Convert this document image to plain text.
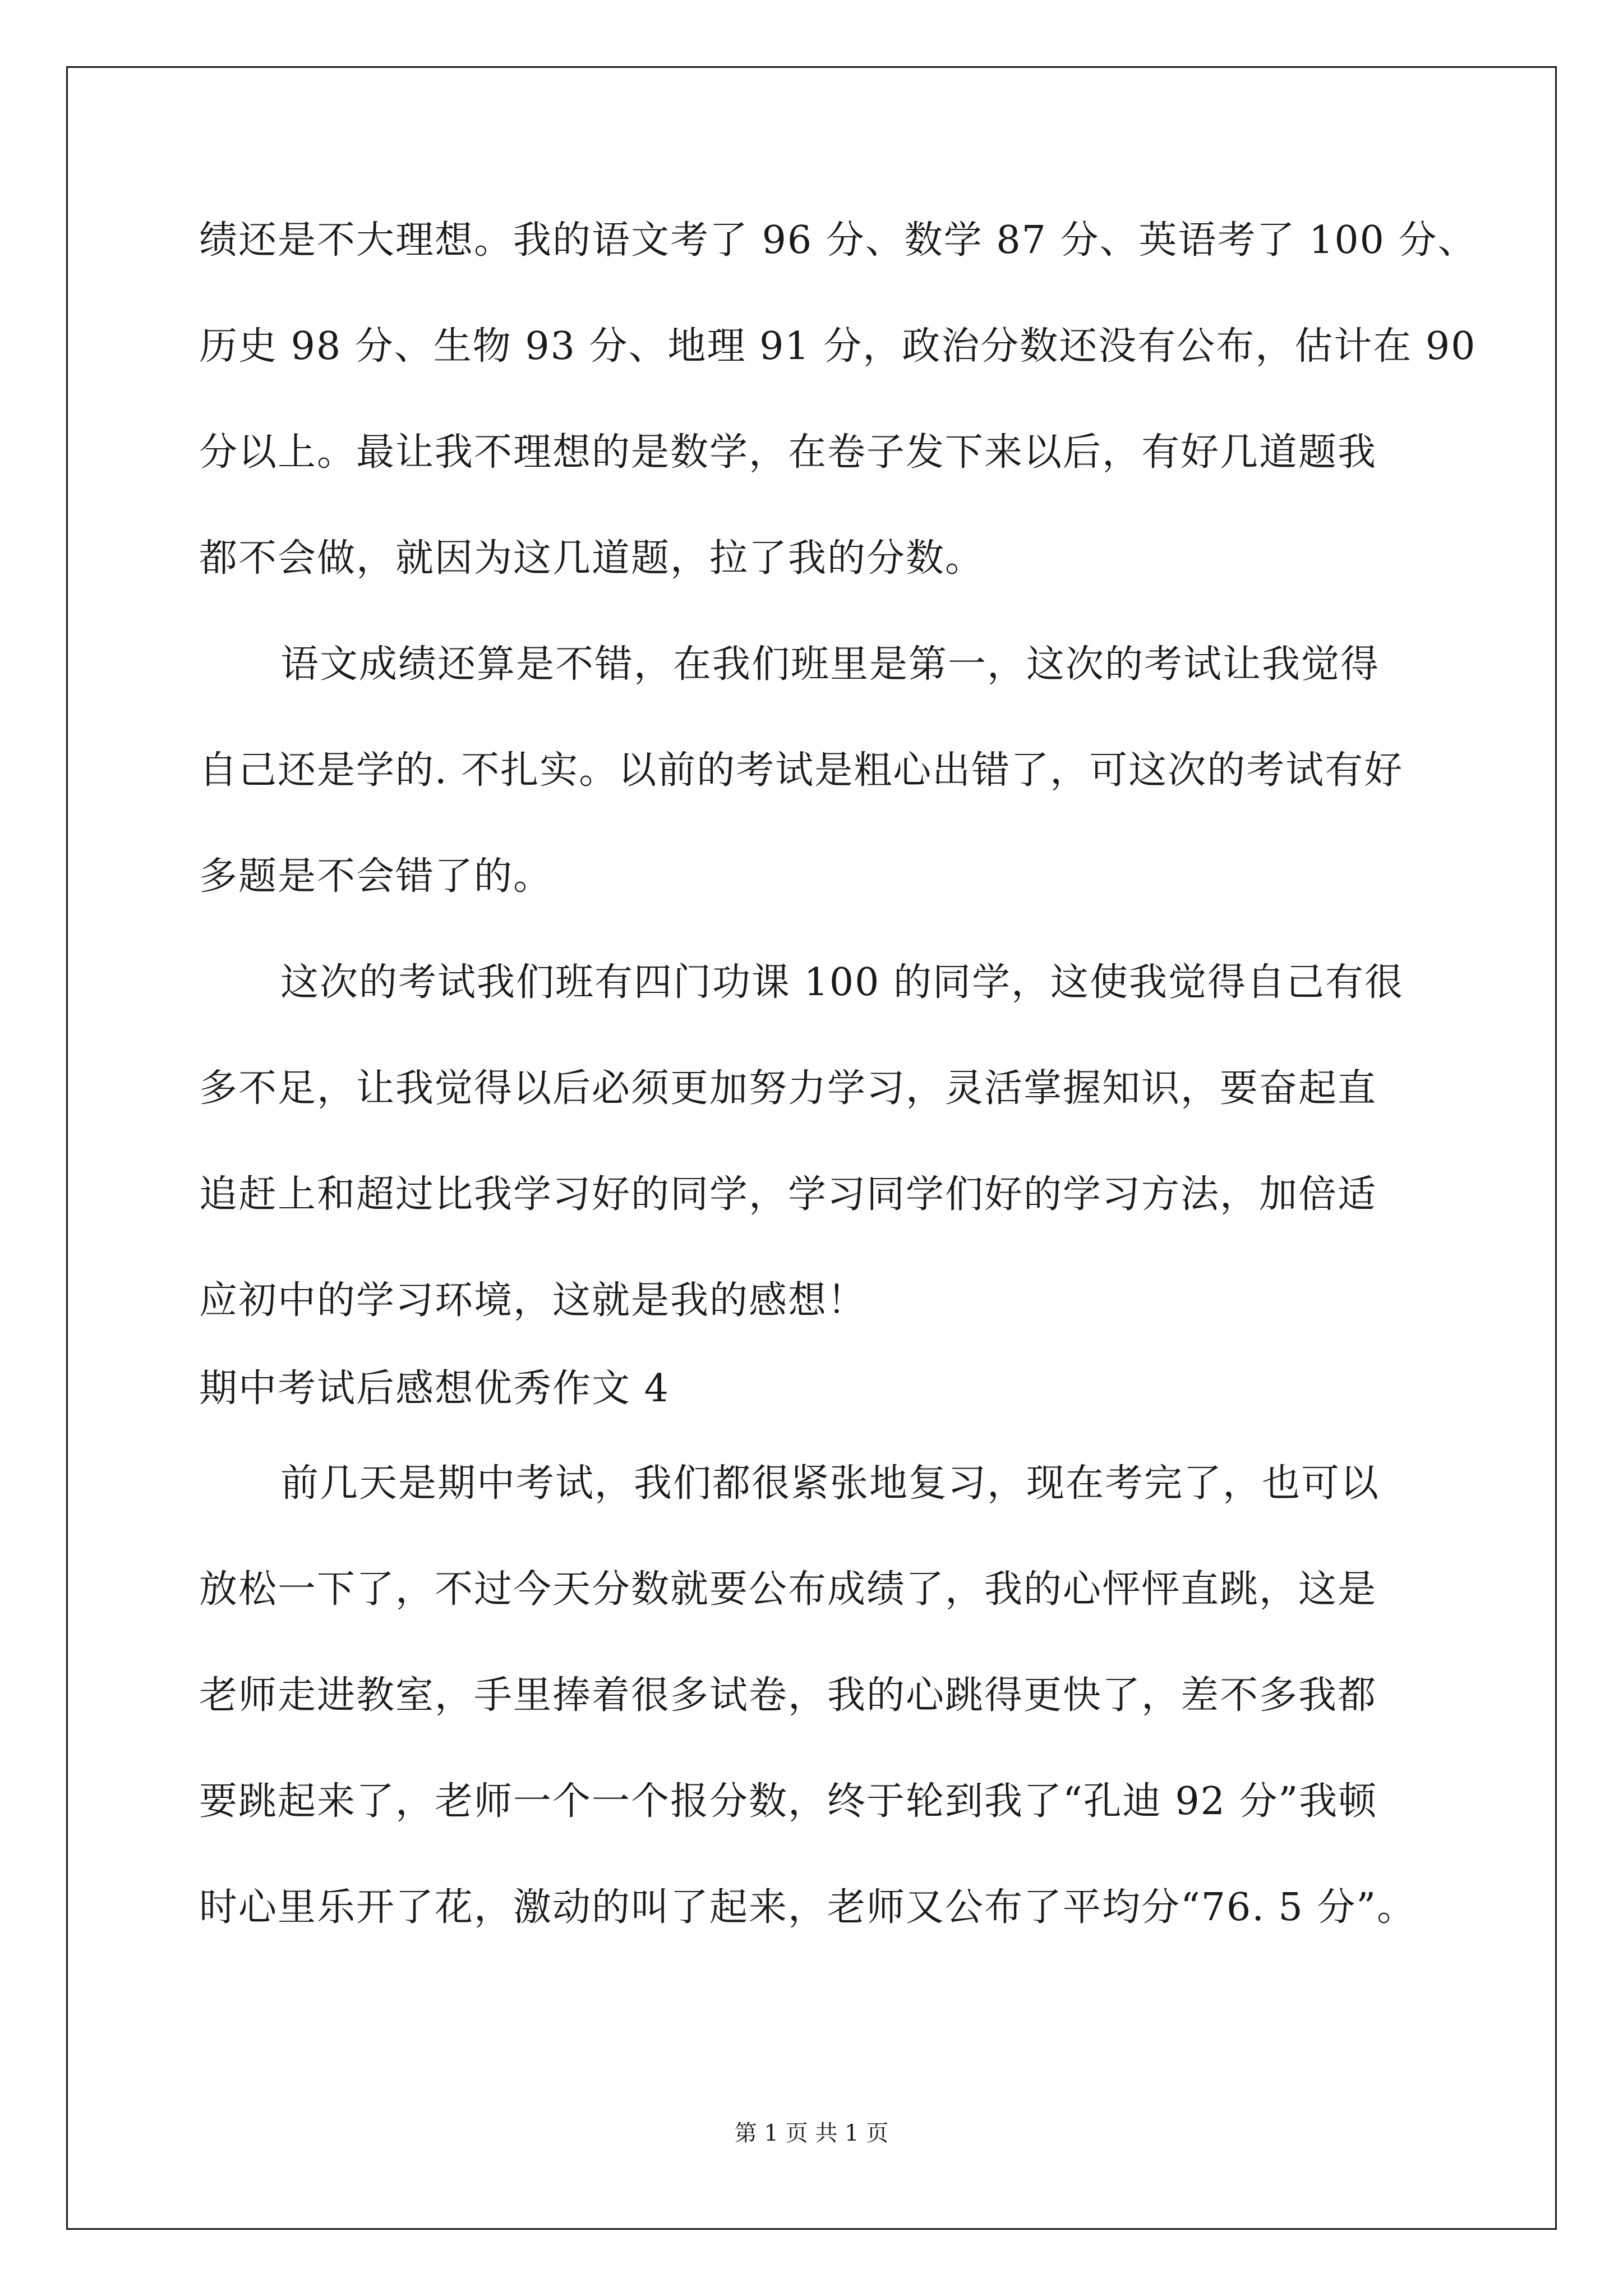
绩还是不大理想。我的语文考了 96 分、数学 87 分、英语考了 100 分、
历史 98 分、生物 93 分、地理 91 分，政治分数还没有公布，估计在 90
分以上。最让我不理想的是数学，在卷子发下来以后，有好几道题我
都不会做，就因为这几道题，拉了我的分数。
语文成绩还算是不错，在我们班里是第一，这次的考试让我觉得
自己还是学的. 不扎实。以前的考试是粗心出错了，可这次的考试有好
多题是不会错了的。
这次的考试我们班有四门功课 100 的同学，这使我觉得自己有很
多不足，让我觉得以后必须更加努力学习，灵活掌握知识，要奋起直
追赶上和超过比我学习好的同学，学习同学们好的学习方法，加倍适
应初中的学习环境，这就是我的感想！
期中考试后感想优秀作文 4
前几天是期中考试，我们都很紧张地复习，现在考完了，也可以
放松一下了，不过今天分数就要公布成绩了，我的心怦怦直跳，这是
老师走进教室，手里捧着很多试卷，我的心跳得更快了，差不多我都
要跳起来了，老师一个一个报分数，终于轮到我了“孔迪 92 分”我顿
时心里乐开了花，激动的叫了起来，老师又公布了平均分“76. 5 分”。
第 1 页 共 1 页
